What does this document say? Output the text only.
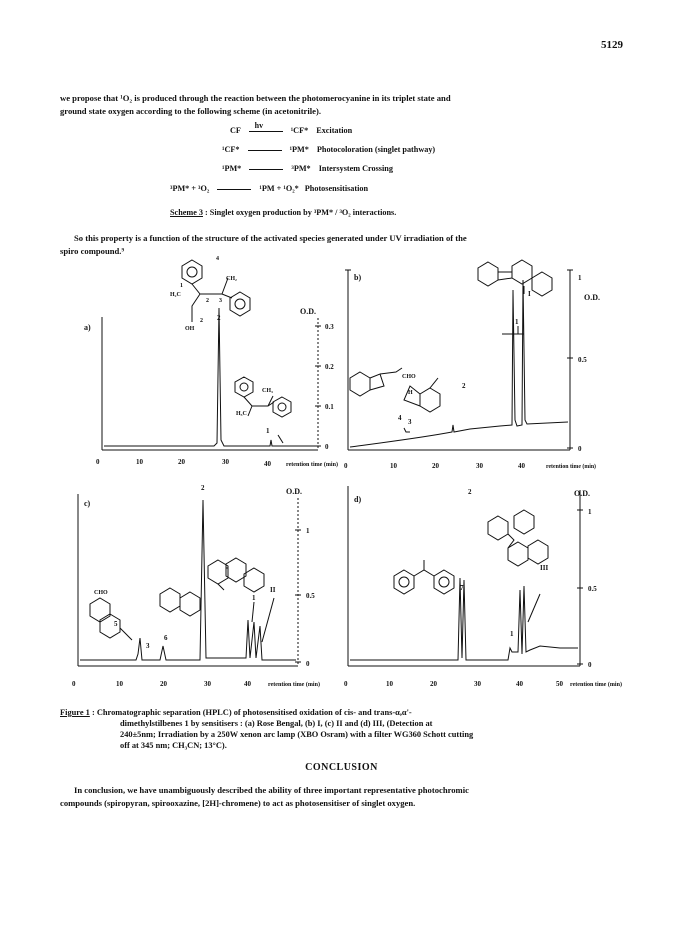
5129
we propose that ¹O₂ is produced through the reaction between the photomerocyanine in its triplet state and
ground state oxygen according to the following scheme (in acetonitrile).
CF hv	¹CF* Excitation
¹CF*	¹PM* Photocoloration (singlet pathway)
¹PM*	³PM* Intersystem Crossing
³PM* + ³O₂	¹PM + ¹O₂* Photosensitisation
Scheme 3 : Singlet oxygen production by ³PM* / ³O₂ interactions.
So this property is a function of the structure of the activated species generated under UV irradiation of the
spiro compound.⁹
a)
O.D.
0.3
0.2
0.1
0
0	10	20	30	40	retention time (min)
2
1
4
CH₂
H₂C
1
2 3
OH
2
CH₃
H₃C
b)
O.D.
1
0.5
0
0	10	20	30	40	retention time (min)
I
1
2
4 3
CHO
H
c)
O.D.
1
0.5
0
0	10	20	30	40	retention time (min)
2
II
1
5
3
6
CHO
d)
O.D.
1
0.5
0
0	10	20	30	40	50 retention time (min)
2
III
7
1
Figure 1 : Chromatographic separation (HPLC) of photosensitised oxidation of cis- and trans-α,α'-
dimethylstilbenes 1 by sensitisers : (a) Rose Bengal, (b) I, (c) II and (d) III, (Detection at
240±5nm; Irradiation by a 250W xenon arc lamp (XBO Osram) with a filter WG360 Schott cutting
off at 345 nm; CH₃CN; 13°C).
CONCLUSION
In conclusion, we have unambiguously described the ability of three important representative photochromic
compounds (spiropyran, spirooxazine, [2H]-chromene) to act as photosensitiser of singlet oxygen.
